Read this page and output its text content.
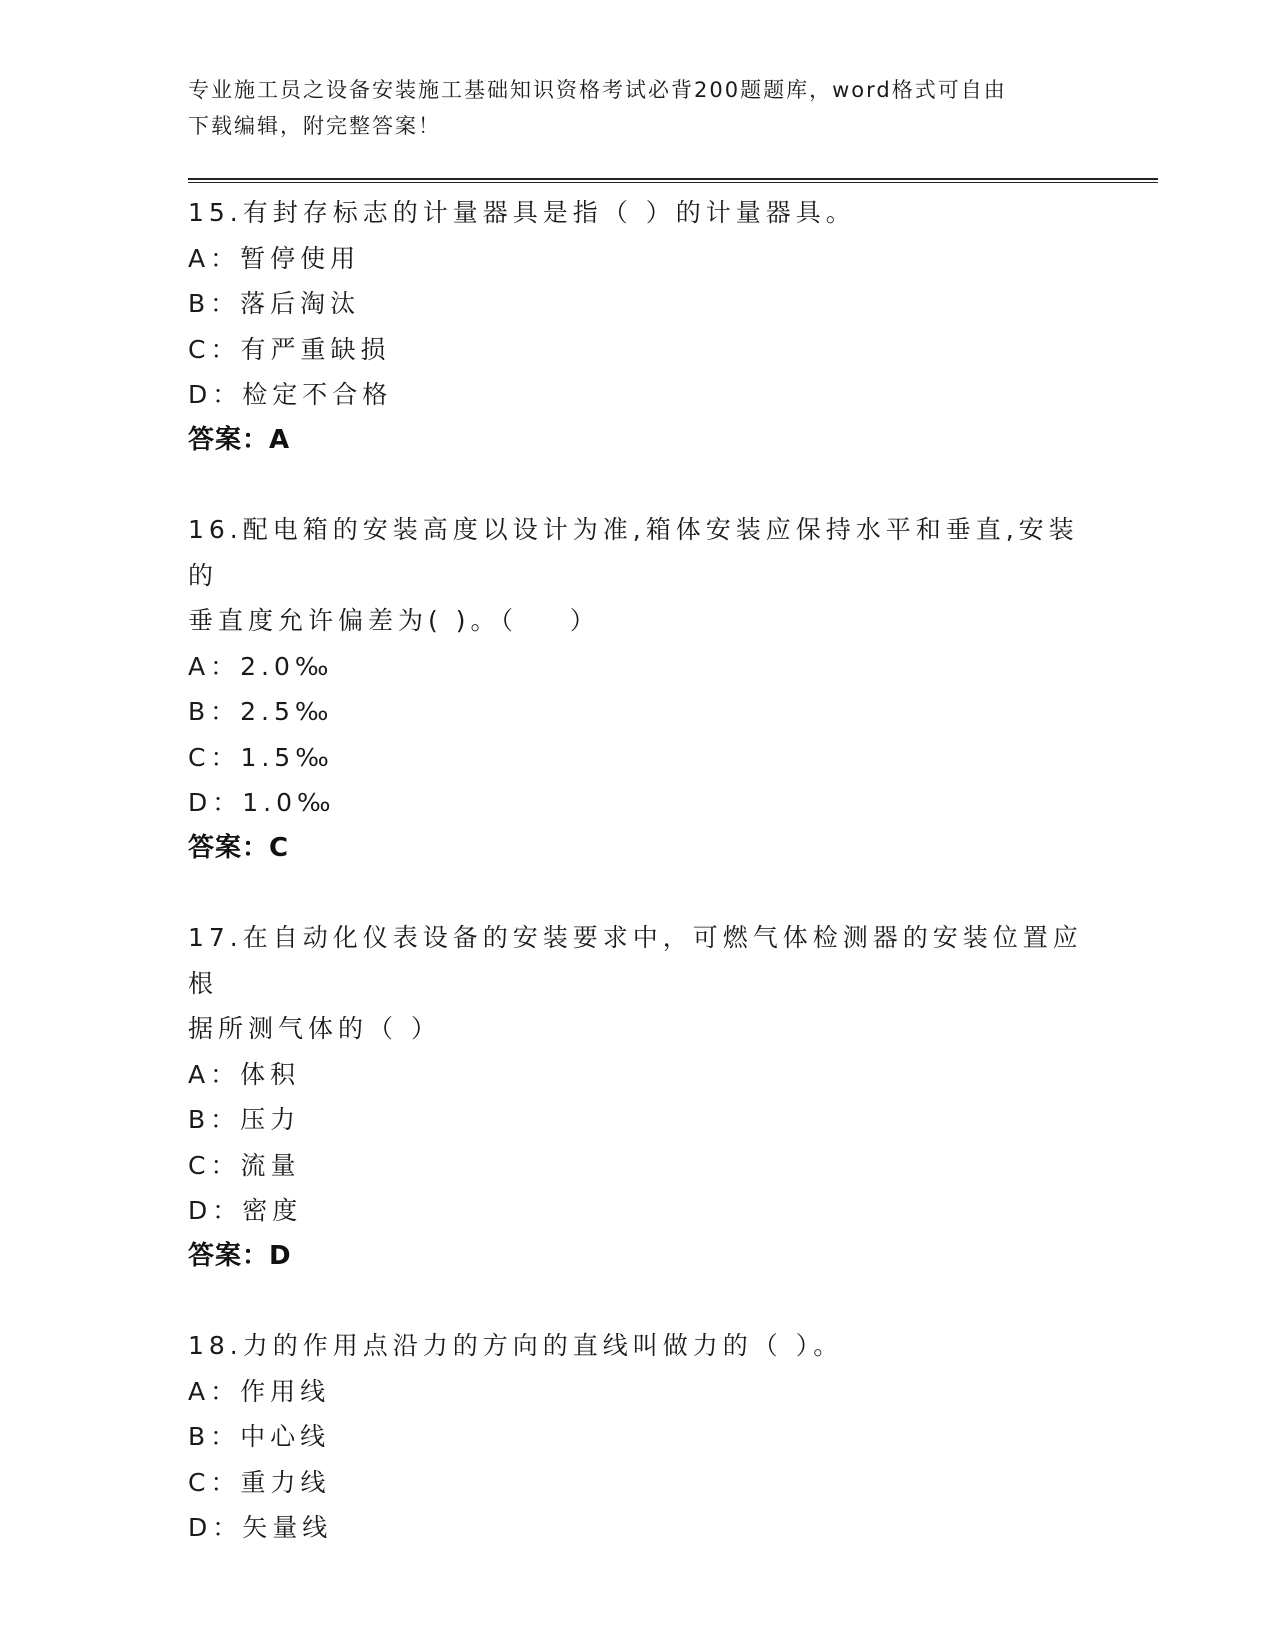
专业施工员之设备安装施工基础知识资格考试必背200题题库，word格式可自由
下载编辑，附完整答案！
15.有封存标志的计量器具是指（ ）的计量器具。
A：暂停使用
B：落后淘汰
C：有严重缺损
D：检定不合格
答案：A
16.配电箱的安装高度以设计为准,箱体安装应保持水平和垂直,安装的
垂直度允许偏差为( )。（    ）
A：2.0‰
B：2.5‰
C：1.5‰
D：1.0‰
答案：C
17.在自动化仪表设备的安装要求中，可燃气体检测器的安装位置应根
据所测气体的（ ）
A：体积
B：压力
C：流量
D：密度
答案：D
18.力的作用点沿力的方向的直线叫做力的（ ）。
A：作用线
B：中心线
C：重力线
D：矢量线
